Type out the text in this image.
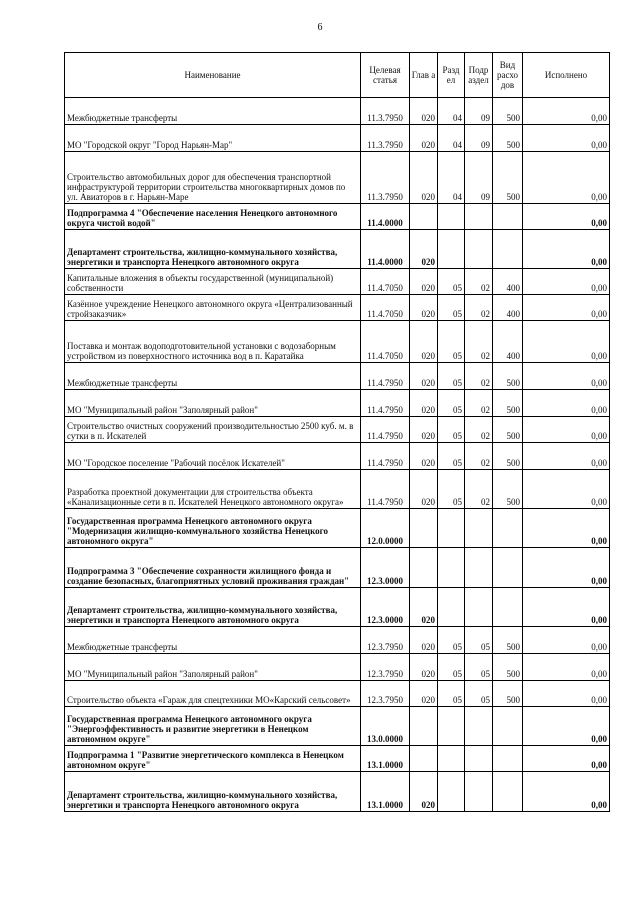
6
Наименование	Целевая статья	Глав а	Разд ел	Подр аздел	Вид расхо дов	Исполнено
Межбюджетные трансферты	11.3.7950	020	04	09	500	0,00
МО "Городской округ "Город Нарьян-Мар"	11.3.7950	020	04	09	500	0,00
Строительство автомобильных дорог для обеспечения транспортной инфраструктурой территории строительства многоквартирных домов по ул. Авиаторов в г. Нарьян-Маре	11.3.7950	020	04	09	500	0,00
Подпрограмма 4 "Обеспечение населения Ненецкого автономного округа чистой водой"	11.4.0000					0,00
Департамент строительства, жилищно-коммунального хозяйства, энергетики и транспорта Ненецкого автономного округа	11.4.0000	020				0,00
Капитальные вложения в объекты государственной (муниципальной) собственности	11.4.7050	020	05	02	400	0,00
Казённое учреждение Ненецкого автономного округа «Централизованный стройзаказчик»	11.4.7050	020	05	02	400	0,00
Поставка и монтаж водоподготовительной установки с водозаборным устройством из поверхностного источника вод в п. Каратайка	11.4.7050	020	05	02	400	0,00
Межбюджетные трансферты	11.4.7950	020	05	02	500	0,00
МО "Муниципальный район "Заполярный район"	11.4.7950	020	05	02	500	0,00
Строительство очистных сооружений производительностью 2500 куб. м. в сутки в п. Искателей	11.4.7950	020	05	02	500	0,00
МО "Городское поселение "Рабочий посёлок Искателей"	11.4.7950	020	05	02	500	0,00
Разработка проектной документации для строительства объекта «Канализационные сети в п. Искателей Ненецкого автономного округа»	11.4.7950	020	05	02	500	0,00
Государственная программа Ненецкого автономного округа "Модернизация жилищно-коммунального хозяйства Ненецкого автономного округа"	12.0.0000					0,00
Подпрограмма 3 "Обеспечение сохранности жилищного фонда и создание безопасных, благоприятных условий проживания граждан"	12.3.0000					0,00
Департамент строительства, жилищно-коммунального хозяйства, энергетики и транспорта Ненецкого автономного округа	12.3.0000	020				0,00
Межбюджетные трансферты	12.3.7950	020	05	05	500	0,00
МО "Муниципальный район "Заполярный район"	12.3.7950	020	05	05	500	0,00
Строительство объекта «Гараж для спецтехники МО«Карский сельсовет»	12.3.7950	020	05	05	500	0,00
Государственная программа Ненецкого автономного округа "Энергоэффективность и развитие энергетики в Ненецком автономном округе"	13.0.0000					0,00
Подпрограмма 1 "Развитие энергетического комплекса в Ненецком автономном округе"	13.1.0000					0,00
Департамент строительства, жилищно-коммунального хозяйства, энергетики и транспорта Ненецкого автономного округа	13.1.0000	020				0,00
